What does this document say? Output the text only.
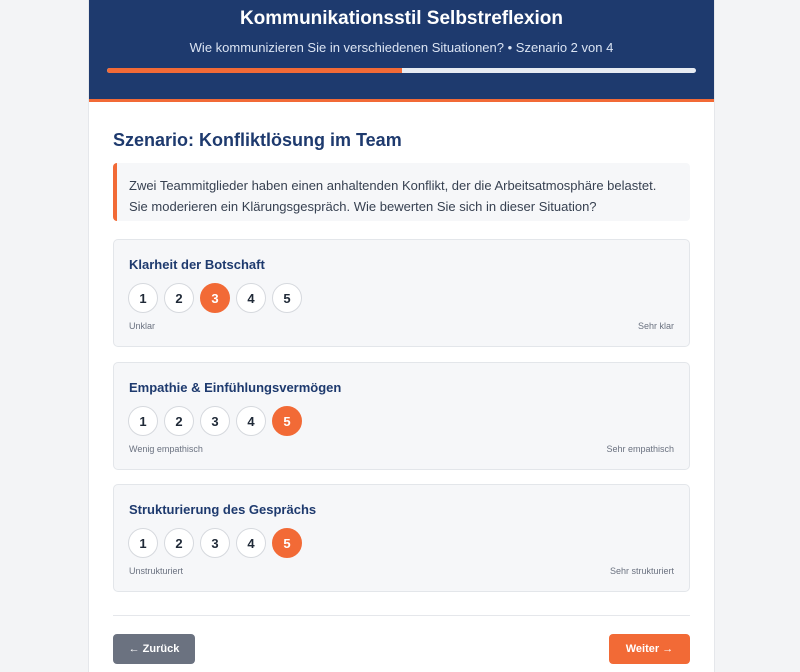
Kommunikationsstil Selbstreflexion
Wie kommunizieren Sie in verschiedenen Situationen? • Szenario 2 von 4
Szenario: Konfliktlösung im Team
Zwei Teammitglieder haben einen anhaltenden Konflikt, der die Arbeitsatmosphäre belastet. Sie moderieren ein Klärungsgespräch. Wie bewerten Sie sich in dieser Situation?
Klarheit der Botschaft
1	2	3	4	5
Unklar	Sehr klar
Empathie & Einfühlungsvermögen
1	2	3	4	5
Wenig empathisch	Sehr empathisch
Strukturierung des Gesprächs
1	2	3	4	5
Unstrukturiert	Sehr strukturiert
← Zurück	Weiter →
